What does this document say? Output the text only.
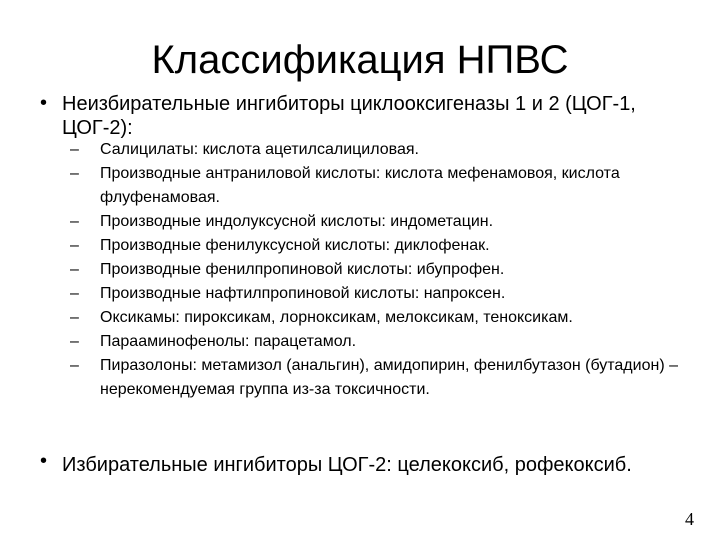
Классификация НПВС
• Неизбирательные ингибиторы циклооксигеназы 1 и 2 (ЦОГ-1, ЦОГ-2):
–	Салицилаты: кислота ацетилсалициловая.
–	Производные антраниловой кислоты: кислота мефенамовоя, кислота флуфенамовая.
–	Производные индолуксусной кислоты: индометацин.
–	Производные фенилуксусной кислоты: диклофенак.
–	Производные фенилпропиновой кислоты: ибупрофен.
–	Производные нафтилпропиновой кислоты: напроксен.
–	Оксикамы: пироксикам, лорноксикам, мелоксикам, теноксикам.
–	Параaминофенолы: парацетамол.
–	Пиразолоны: метамизол (анальгин), амидопирин, фенилбутазон (бутадион) – нерекомендуемая группа из-за токсичности.
• Избирательные ингибиторы ЦОГ-2: целекоксиб, рофекоксиб.
4
